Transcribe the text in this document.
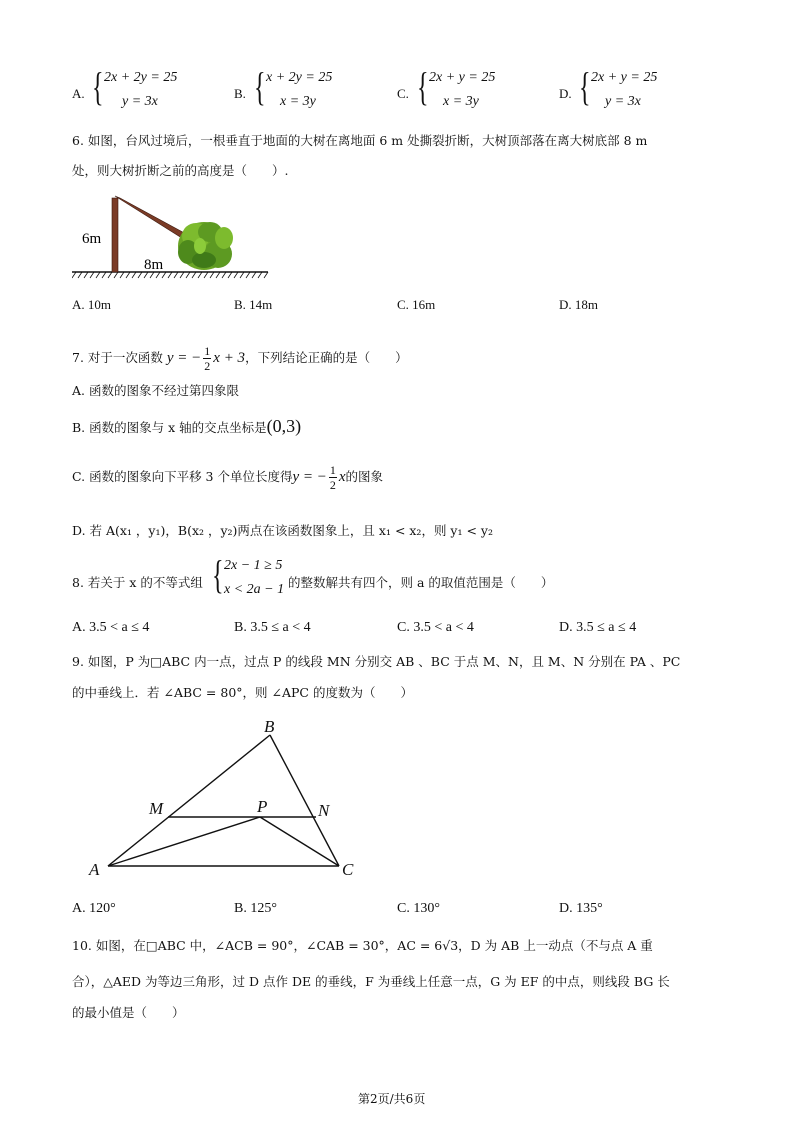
A. { 2x + 2y = 25
y = 3x
B. { x + 2y = 25
x = 3y
C. { 2x + y = 25
x = 3y
D. { 2x + y = 25
y = 3x
6. 如图，台风过境后，一根垂直于地面的大树在离地面 6 m 处撕裂折断，大树顶部落在离大树底部 8 m
处，则大树折断之前的高度是（　　）.
6m
8m
A. 10m	B. 14m	C. 16m	D. 18m
7. 对于一次函数 y = − $\frac{1}{2}$ x + 3，下列结论正确的是（　　）
A. 函数的图象不经过第四象限
B. 函数的图象与 x 轴的交点坐标是(0,3)
C. 函数的图象向下平移 3 个单位长度得y = − $\frac{1}{2}$ x的图象
D. 若 A(x₁ ，y₁)，B(x₂ ，y₂)两点在该函数图象上，且 x₁ < x₂，则 y₁ < y₂
8. 若关于 x 的不等式组 { 2x − 1 ≥ 5
x < 2a − 1 的整数解共有四个，则 a 的取值范围是（　　）
A. 3.5 < a ≤ 4	B. 3.5 ≤ a < 4	C. 3.5 < a < 4	D. 3.5 ≤ a ≤ 4
9. 如图，P 为□ABC 内一点，过点 P 的线段 MN 分别交 AB 、BC 于点 M、N，且 M、N 分别在 PA 、PC
的中垂线上．若 ∠ABC = 80°，则 ∠APC 的度数为（　　）
B
M	P	N
A	C
A. 120°	B. 125°	C. 130°	D. 135°
10. 如图，在□ABC 中，∠ACB = 90°，∠CAB = 30°，AC = 6√3，D 为 AB 上一动点（不与点 A 重
合），△AED 为等边三角形，过 D 点作 DE 的垂线，F 为垂线上任意一点，G 为 EF 的中点，则线段 BG 长
的最小值是（　　）
第2页/共6页
